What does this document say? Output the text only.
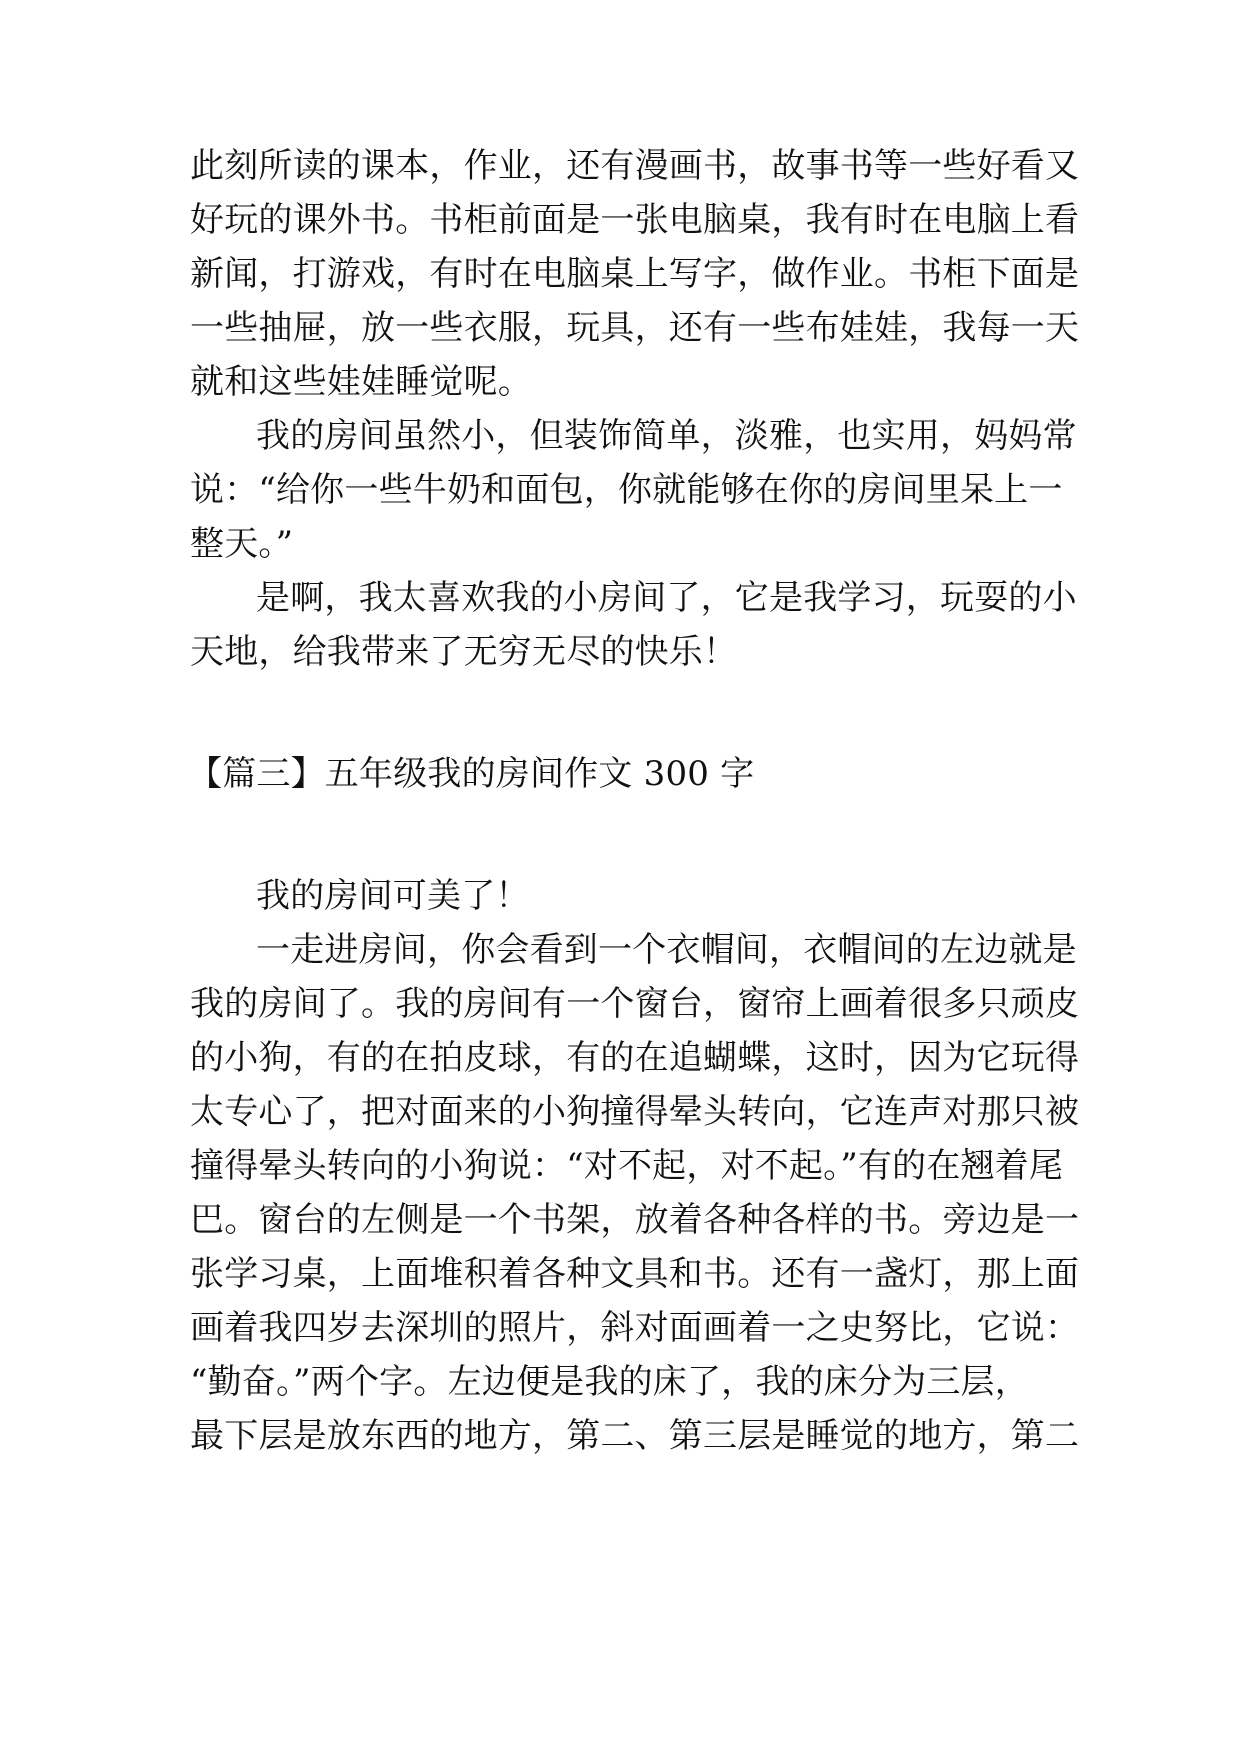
此刻所读的课本，作业，还有漫画书，故事书等一些好看又
好玩的课外书。书柜前面是一张电脑桌，我有时在电脑上看
新闻，打游戏，有时在电脑桌上写字，做作业。书柜下面是
一些抽屉，放一些衣服，玩具，还有一些布娃娃，我每一天
就和这些娃娃睡觉呢。
我的房间虽然小，但装饰简单，淡雅，也实用，妈妈常
说：“给你一些牛奶和面包，你就能够在你的房间里呆上一
整天。”
是啊，我太喜欢我的小房间了，它是我学习，玩耍的小
天地，给我带来了无穷无尽的快乐！
【篇三】五年级我的房间作文 300 字
我的房间可美了！
一走进房间，你会看到一个衣帽间，衣帽间的左边就是
我的房间了。我的房间有一个窗台，窗帘上画着很多只顽皮
的小狗，有的在拍皮球，有的在追蝴蝶，这时，因为它玩得
太专心了，把对面来的小狗撞得晕头转向，它连声对那只被
撞得晕头转向的小狗说：“对不起，对不起。”有的在翘着尾
巴。窗台的左侧是一个书架，放着各种各样的书。旁边是一
张学习桌，上面堆积着各种文具和书。还有一盏灯，那上面
画着我四岁去深圳的照片，斜对面画着一之史努比，它说：
“勤奋。”两个字。左边便是我的床了，我的床分为三层，
最下层是放东西的地方，第二、第三层是睡觉的地方，第二
